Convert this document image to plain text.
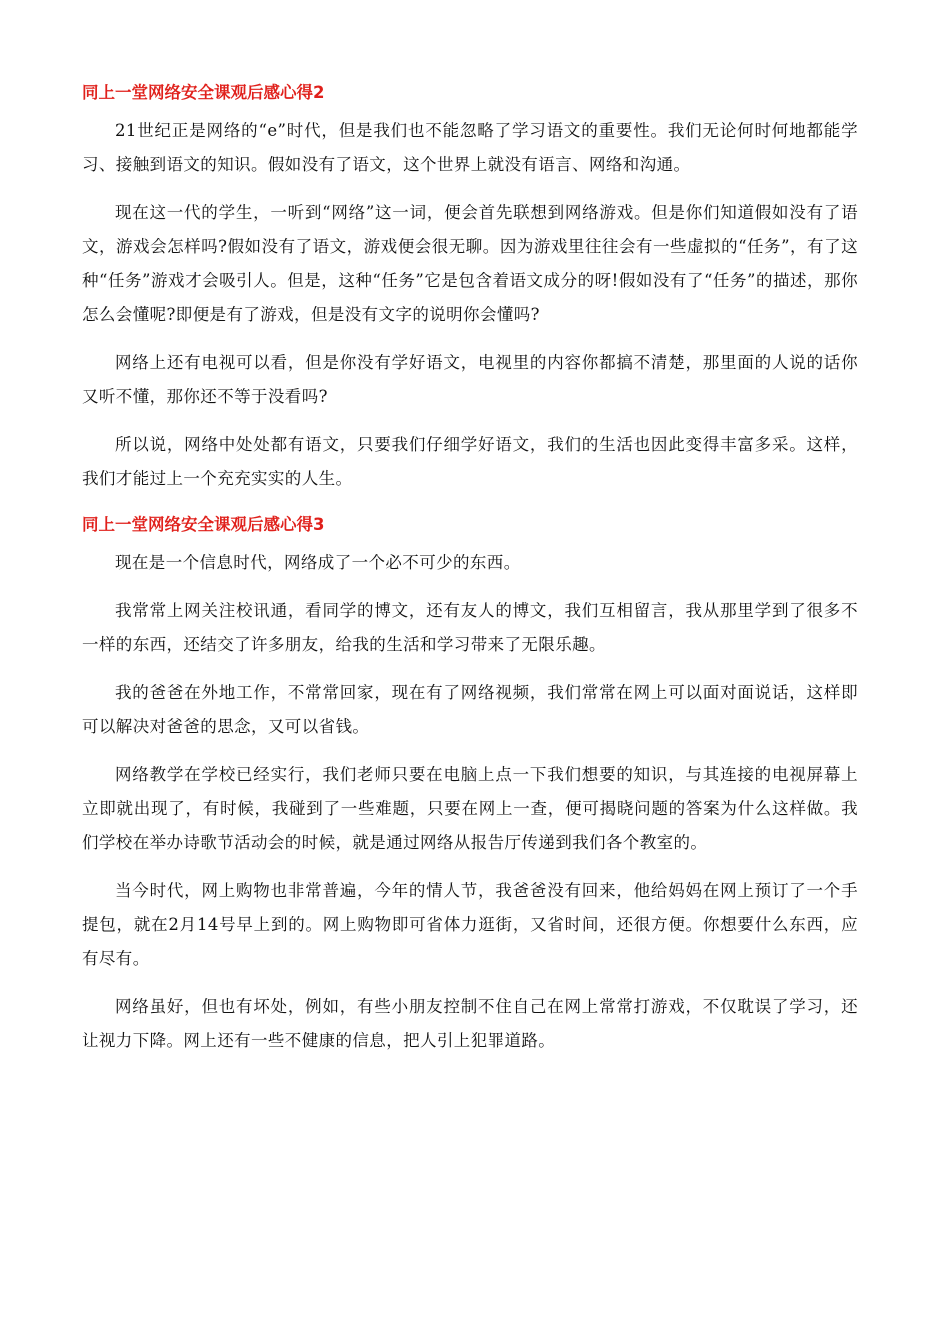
同上一堂网络安全课观后感心得2

21世纪正是网络的“e”时代，但是我们也不能忽略了学习语文的重要性。我们无论何时何地都能学习、接触到语文的知识。假如没有了语文，这个世界上就没有语言、网络和沟通。

现在这一代的学生，一听到“网络”这一词，便会首先联想到网络游戏。但是你们知道假如没有了语文，游戏会怎样吗?假如没有了语文，游戏便会很无聊。因为游戏里往往会有一些虚拟的“任务”，有了这种“任务”游戏才会吸引人。但是，这种“任务”它是包含着语文成分的呀!假如没有了“任务”的描述，那你怎么会懂呢?即便是有了游戏，但是没有文字的说明你会懂吗?

网络上还有电视可以看，但是你没有学好语文，电视里的内容你都搞不清楚，那里面的人说的话你又听不懂，那你还不等于没看吗?

所以说，网络中处处都有语文，只要我们仔细学好语文，我们的生活也因此变得丰富多采。这样，我们才能过上一个充充实实的人生。

同上一堂网络安全课观后感心得3

现在是一个信息时代，网络成了一个必不可少的东西。

我常常上网关注校讯通，看同学的博文，还有友人的博文，我们互相留言，我从那里学到了很多不一样的东西，还结交了许多朋友，给我的生活和学习带来了无限乐趣。

我的爸爸在外地工作，不常常回家，现在有了网络视频，我们常常在网上可以面对面说话，这样即可以解决对爸爸的思念，又可以省钱。

网络教学在学校已经实行，我们老师只要在电脑上点一下我们想要的知识，与其连接的电视屏幕上立即就出现了，有时候，我碰到了一些难题，只要在网上一查，便可揭晓问题的答案为什么这样做。我们学校在举办诗歌节活动会的时候，就是通过网络从报告厅传递到我们各个教室的。

当今时代，网上购物也非常普遍，今年的情人节，我爸爸没有回来，他给妈妈在网上预订了一个手提包，就在2月14号早上到的。网上购物即可省体力逛街，又省时间，还很方便。你想要什么东西，应有尽有。

网络虽好，但也有坏处，例如，有些小朋友控制不住自己在网上常常打游戏，不仅耽误了学习，还让视力下降。网上还有一些不健康的信息，把人引上犯罪道路。
